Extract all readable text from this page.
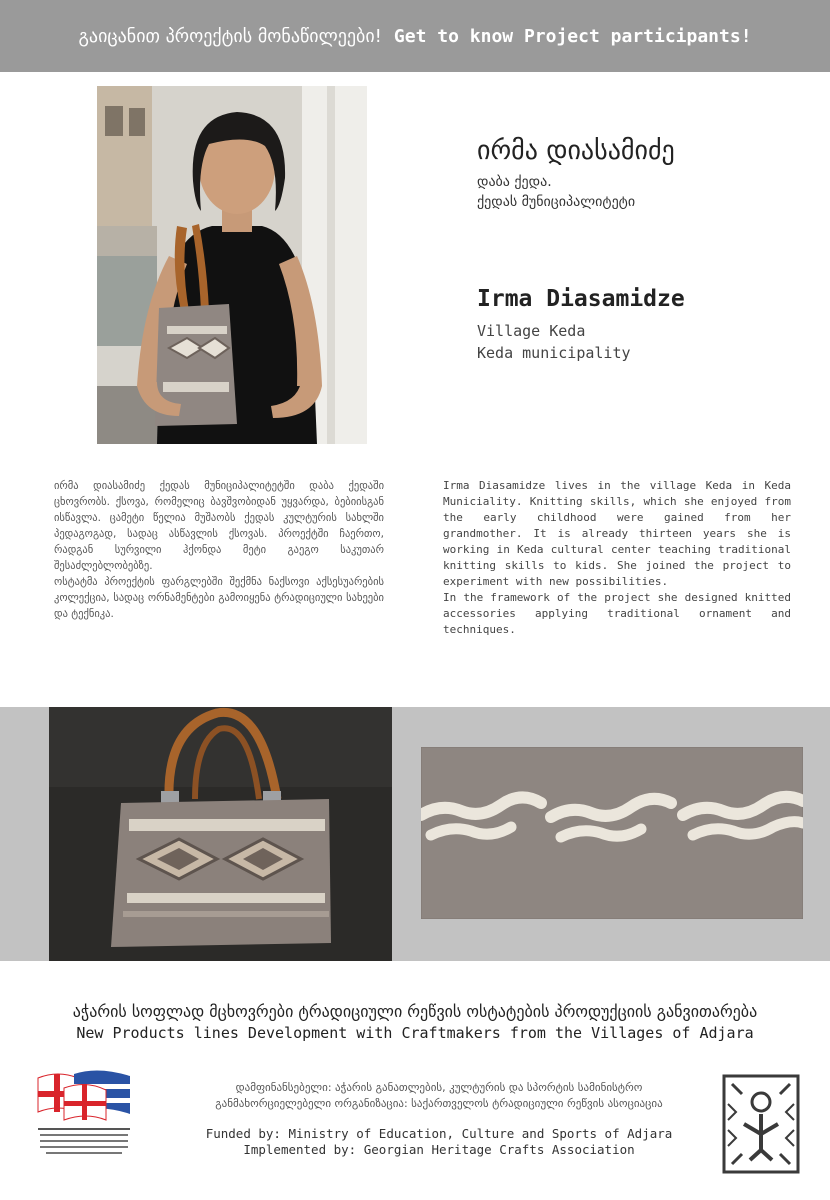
გაიცანით პროექტის მონაწილეები! Get to know Project participants!
ირმა დიასამიძე
დაბა ქედა.
ქედას მუნიციპალიტეტი
Irma Diasamidze
Village Keda
Keda municipality

ირმა დიასამიძე ქედას მუნიციპალიტეტში დაბა ქედაში ცხოვრობს. ქსოვა, რომელიც ბავშვობიდან უყვარდა, ბებიისგან ისწავლა. ცამეტი წელია მუშაობს ქედას კულტურის სახლში პედაგოგად, სადაც ასწავლის ქსოვას. პროექტში ჩაერთო, რადგან სურვილი ჰქონდა მეტი გაეგო საკუთარ შესაძლებლობებზე.

ოსტატმა პროექტის ფარგლებში შექმნა ნაქსოვი აქსესუარების კოლექცია, სადაც ორნამენტები გამოიყენა ტრადიციული სახეები და ტექნიკა.

Irma Diasamidze lives in the village Keda in Keda Municiality. Knitting skills, which she enjoyed from the early childhood were gained from her grandmother. It is already thirteen years she is working in Keda cultural center teaching traditional knitting skills to kids. She joined the project to experiment with new possibilities.

In the framework of the project she designed knitted accessories applying traditional ornament and techniques.

აჭარის სოფლად მცხოვრები ტრადიციული რეწვის ოსტატების პროდუქციის განვითარება
New Products lines Development with Craftmakers from the Villages of Adjara
დამფინანსებელი: აჭარის განათლების, კულტურის და სპორტის სამინისტრო
განმახორციელებელი ორგანიზაცია: საქართველოს ტრადიციული რეწვის ასოციაცია
Funded by: Ministry of Education, Culture and Sports of Adjara
Implemented by: Georgian Heritage Crafts Association
